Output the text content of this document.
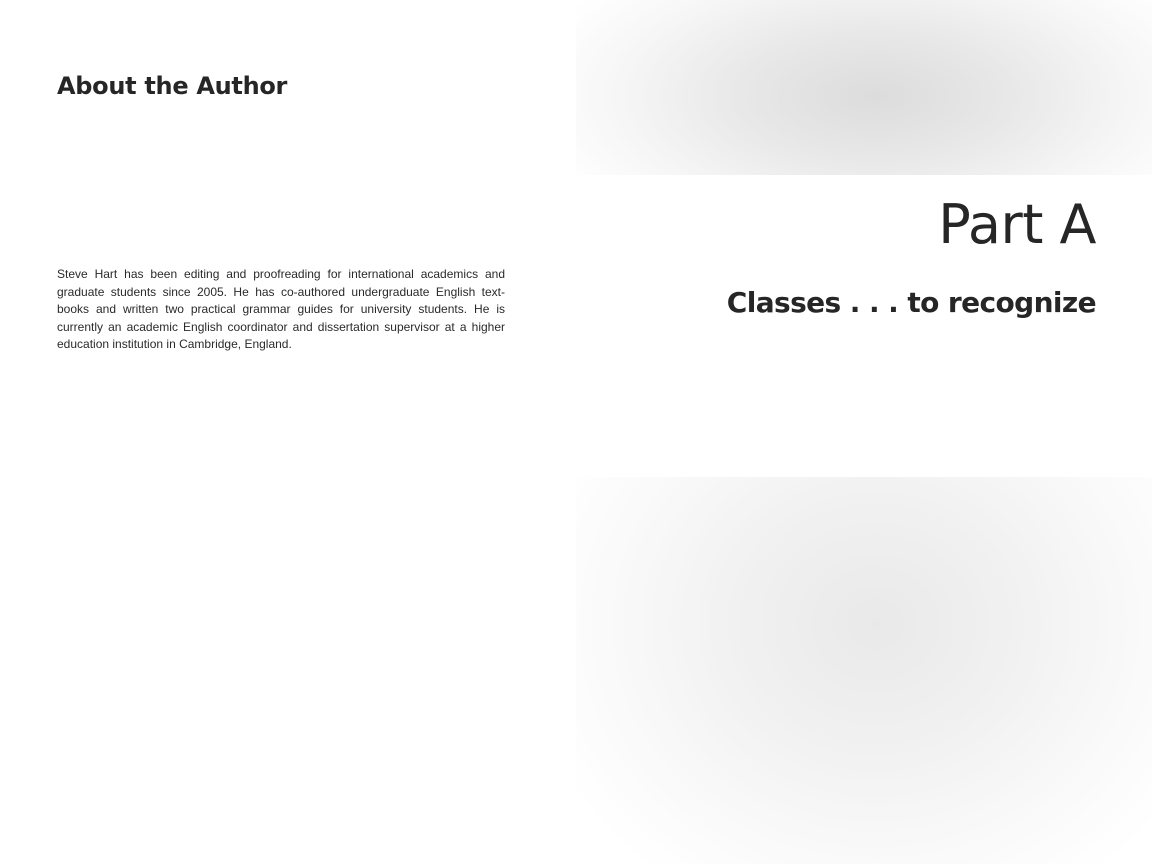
About the Author

Steve Hart has been editing and proofreading for international academics and graduate students since 2005. He has co-authored undergraduate English text-books and written two practical grammar guides for university students. He is currently an academic English coordinator and dissertation supervisor at a higher education institution in Cambridge, England.

Part A
Classes . . . to recognize
